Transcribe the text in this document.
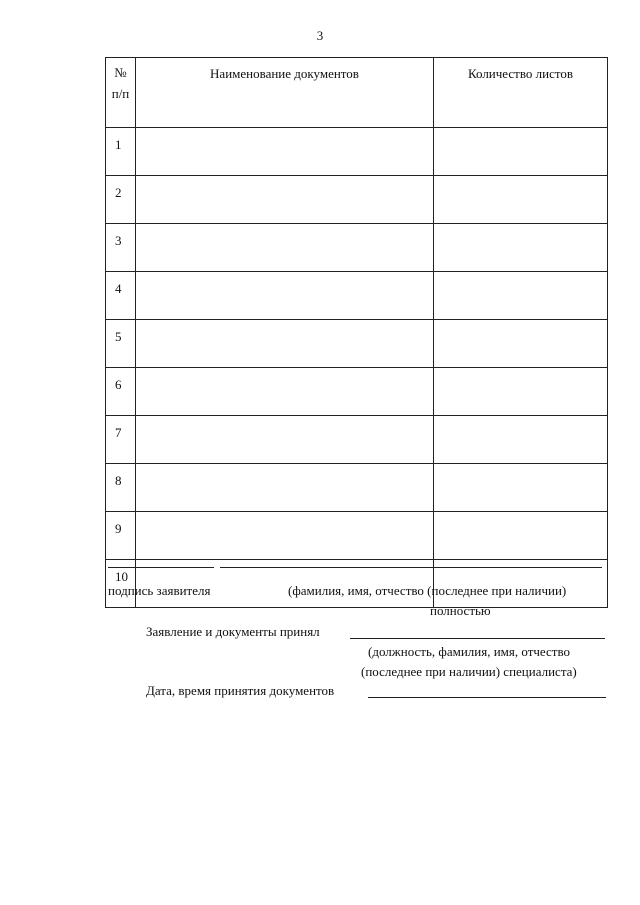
3
№
п/п	Наименование документов	Количество листов
1		
2		
3		
4		
5		
6		
7		
8		
9		
10		
подпись заявителя	(фамилия, имя, отчество (последнее при наличии)
полностью
Заявление и документы принял
(должность, фамилия, имя, отчество
(последнее при наличии) специалиста)
Дата, время принятия документов
